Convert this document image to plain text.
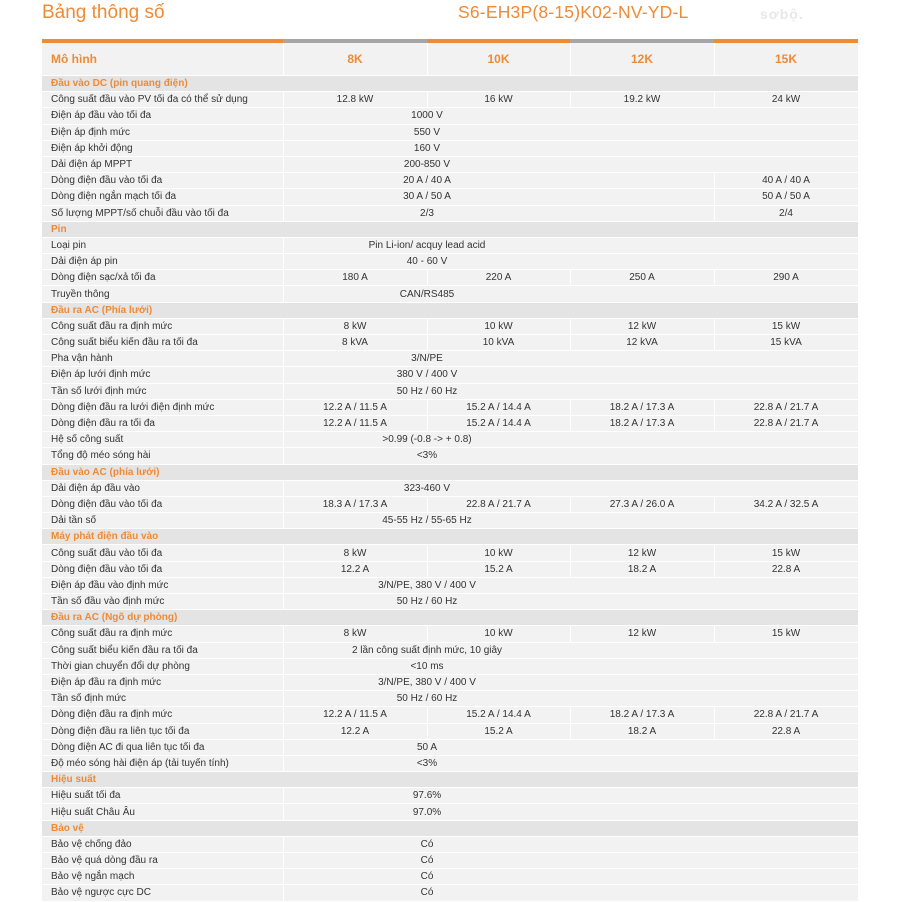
Bảng thông số	S6-EH3P(8-15)K02-NV-YD-L
Mô hình	8K	10K	12K	15K
Đầu vào DC (pin quang điện)				
Công suất đầu vào PV tối đa có thể sử dụng	12.8 kW	16 kW	19.2 kW	24 kW
Điện áp đầu vào tối đa	1000 V			
Điện áp định mức	550 V			
Điện áp khởi động	160 V			
Dải điện áp MPPT	200-850 V			
Dòng điện đầu vào tối đa	20 A / 40 A			40 A / 40 A
Dòng điện ngắn mạch tối đa	30 A / 50 A			50 A / 50 A
Số lượng MPPT/số chuỗi đầu vào tối đa	2/3			2/4
Pin				
Loại pin	Pin Li-ion/ acquy lead acid			
Dải điện áp pin	40 - 60 V			
Dòng điện sạc/xả tối đa	180 A	220 A	250 A	290 A
Truyền thông	CAN/RS485			
Đầu ra AC (Phía lưới)				
Công suất đầu ra định mức	8 kW	10 kW	12 kW	15 kW
Công suất biểu kiến đầu ra tối đa	8 kVA	10 kVA	12 kVA	15 kVA
Pha vận hành	3/N/PE			
Điện áp lưới định mức	380 V / 400 V			
Tần số lưới định mức	50 Hz / 60 Hz			
Dòng điện đầu ra lưới điện định mức	12.2 A / 11.5 A	15.2 A / 14.4 A	18.2 A / 17.3 A	22.8 A / 21.7 A
Dòng điện đầu ra tối đa	12.2 A / 11.5 A	15.2 A / 14.4 A	18.2 A / 17.3 A	22.8 A / 21.7 A
Hệ số công suất	>0.99 (-0.8 -> + 0.8)			
Tổng độ méo sóng hài	<3%			
Đầu vào AC (phía lưới)				
Dải điện áp đầu vào	323-460 V			
Dòng điện đầu vào tối đa	18.3 A / 17.3 A	22.8 A / 21.7 A	27.3 A / 26.0 A	34.2 A / 32.5 A
Dải tần số	45-55 Hz / 55-65 Hz			
Máy phát điện đầu vào				
Công suất đầu vào tối đa	8 kW	10 kW	12 kW	15 kW
Dòng điện đầu vào tối đa	12.2 A	15.2 A	18.2 A	22.8 A
Điện áp đầu vào định mức	3/N/PE, 380 V / 400 V			
Tần số đầu vào định mức	50 Hz / 60 Hz			
Đầu ra AC (Ngõ dự phòng)				
Công suất đầu ra định mức	8 kW	10 kW	12 kW	15 kW
Công suất biểu kiến đầu ra tối đa	2 lần công suất định mức, 10 giây			
Thời gian chuyển đổi dự phòng	<10 ms			
Điện áp đầu ra định mức	3/N/PE, 380 V / 400 V			
Tần số định mức	50 Hz / 60 Hz			
Dòng điện đầu ra định mức	12.2 A / 11.5 A	15.2 A / 14.4 A	18.2 A / 17.3 A	22.8 A / 21.7 A
Dòng điện đầu ra liên tục tối đa	12.2 A	15.2 A	18.2 A	22.8 A
Dòng điện AC đi qua liên tục tối đa	50 A			
Độ méo sóng hài điện áp (tải tuyến tính)	<3%			
Hiệu suất				
Hiệu suất tối đa	97.6%			
Hiệu suất Châu Âu	97.0%			
Bảo vệ				
Bảo vệ chống đảo	Có			
Bảo vệ quá dòng đầu ra	Có			
Bảo vệ ngắn mạch	Có			
Bảo vệ ngược cực DC	Có			
sơbộ.
